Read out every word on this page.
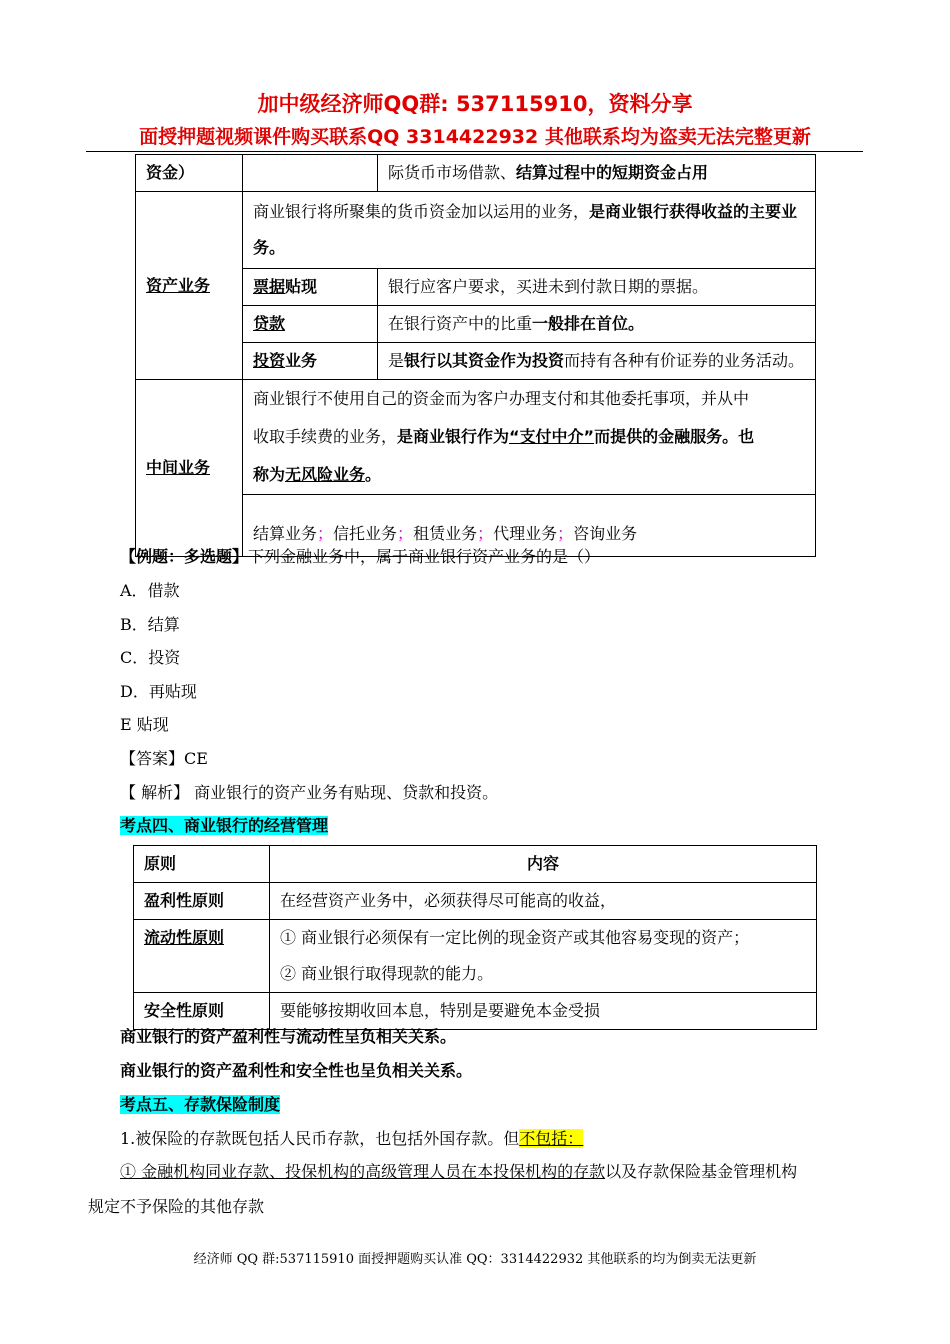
加中级经济师QQ群: 537115910，资料分享
面授押题视频课件购买联系QQ 3314422932 其他联系均为盗卖无法完整更新
资金）		际货币市场借款、结算过程中的短期资金占用
资产业务	商业银行将所聚集的货币资金加以运用的业务，是商业银行获得收益的主要业务。	
	票据贴现	银行应客户要求，买进未到付款日期的票据。
	贷款	在银行资产中的比重一般排在首位。
	投资业务	是银行以其资金作为投资而持有各种有价证券的业务活动。
中间业务	商业银行不使用自己的资金而为客户办理支付和其他委托事项，并从中
收取手续费的业务，是商业银行作为“支付中介”而提供的金融服务。也
称为无风险业务。	

	结算业务；信托业务；租赁业务；代理业务；咨询业务	
【例题：多选题】下列金融业务中，属于商业银行资产业务的是（）
A．借款
B．结算
C．投资
D．再贴现
E 贴现
【答案】CE
【 解析】 商业银行的资产业务有贴现、贷款和投资。
考点四、商业银行的经营管理
原则	内容
盈利性原则	在经营资产业务中，必须获得尽可能高的收益，
流动性原则	① 商业银行必须保有一定比例的现金资产或其他容易变现的资产；
② 商业银行取得现款的能力。

安全性原则	要能够按期收回本息，特别是要避免本金受损
商业银行的资产盈利性与流动性呈负相关关系。
商业银行的资产盈利性和安全性也呈负相关关系。
考点五、存款保险制度
1.被保险的存款既包括人民币存款，也包括外国存款。但不包括：
① 金融机构同业存款、投保机构的高级管理人员在本投保机构的存款以及存款保险基金管理机构
规定不予保险的其他存款
经济师 QQ 群:537115910 面授押题购买认准 QQ：3314422932 其他联系的均为倒卖无法更新
